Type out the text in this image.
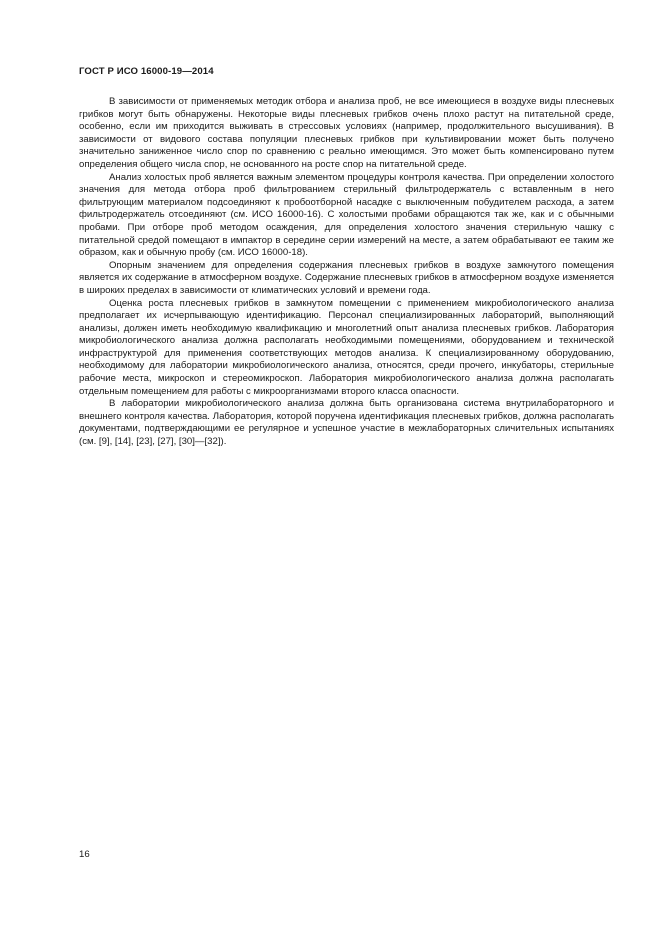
ГОСТ Р ИСО 16000-19—2014

В зависимости от применяемых методик отбора и анализа проб, не все имеющиеся в воздухе виды плесневых грибков могут быть обнаружены. Некоторые виды плесневых грибков очень плохо растут на питательной среде, особенно, если им приходится выживать в стрессовых условиях (например, продолжительного высушивания). В зависимости от видового состава популяции плесневых грибков при культивировании может быть получено значительно заниженное число спор по сравнению с реально имеющимся. Это может быть компенсировано путем определения общего числа спор, не основанного на росте спор на питательной среде.

Анализ холостых проб является важным элементом процедуры контроля качества. При определении холостого значения для метода отбора проб фильтрованием стерильный фильтродержатель с вставленным в него фильтрующим материалом подсоединяют к пробоотборной насадке с выключенным побудителем расхода, а затем фильтродержатель отсоединяют (см. ИСО 16000-16). С холостыми пробами обращаются так же, как и с обычными пробами. При отборе проб методом осаждения, для определения холостого значения стерильную чашку с питательной средой помещают в импактор в середине серии измерений на месте, а затем обрабатывают ее таким же образом, как и обычную пробу (см. ИСО 16000-18).

Опорным значением для определения содержания плесневых грибков в воздухе замкнутого помещения является их содержание в атмосферном воздухе. Содержание плесневых грибков в атмосферном воздухе изменяется в широких пределах в зависимости от климатических условий и времени года.

Оценка роста плесневых грибков в замкнутом помещении с применением микробиологического анализа предполагает их исчерпывающую идентификацию. Персонал специализированных лабораторий, выполняющий анализы, должен иметь необходимую квалификацию и многолетний опыт анализа плесневых грибков. Лаборатория микробиологического анализа должна располагать необходимыми помещениями, оборудованием и технической инфраструктурой для применения соответствующих методов анализа. К специализированному оборудованию, необходимому для лаборатории микробиологического анализа, относятся, среди прочего, инкубаторы, стерильные рабочие места, микроскоп и стереомикроскоп. Лаборатория микробиологического анализа должна располагать отдельным помещением для работы с микроорганизмами второго класса опасности.

В лаборатории микробиологического анализа должна быть организована система внутрилабораторного и внешнего контроля качества. Лаборатория, которой поручена идентификация плесневых грибков, должна располагать документами, подтверждающими ее регулярное и успешное участие в межлабораторных сличительных испытаниях (см. [9], [14], [23], [27], [30]—[32]).

16
